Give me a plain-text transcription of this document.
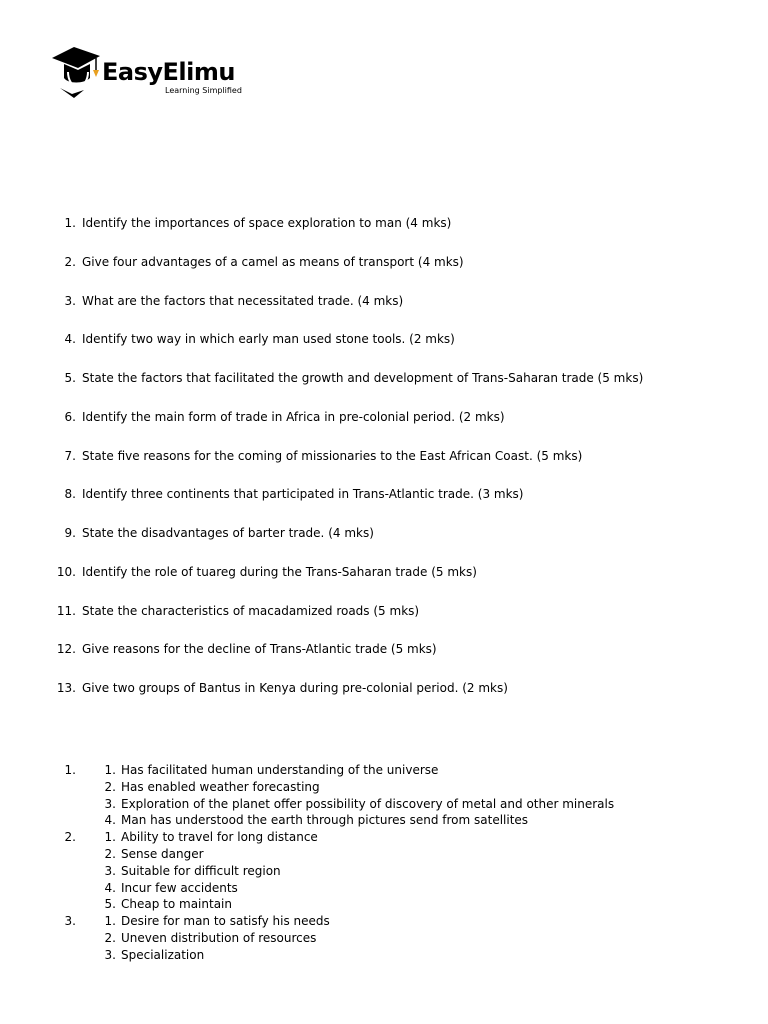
EasyElimu
Learning Simplified
1. Identify the importances of space exploration to man (4 mks)
2. Give four advantages of a camel as means of transport (4 mks)
3. What are the factors that necessitated trade. (4 mks)
4. Identify two way in which early man used stone tools. (2 mks)
5. State the factors that facilitated the growth and development of Trans-Saharan trade (5 mks)
6. Identify the main form of trade in Africa in pre-colonial period. (2 mks)
7. State five reasons for the coming of missionaries to the East African Coast. (5 mks)
8. Identify three continents that participated in Trans-Atlantic trade. (3 mks)
9. State the disadvantages of barter trade. (4 mks)
10. Identify the role of tuareg during the Trans-Saharan trade (5 mks)
11. State the characteristics of macadamized roads (5 mks)
12. Give reasons for the decline of Trans-Atlantic trade (5 mks)
13. Give two groups of Bantus in Kenya during pre-colonial period. (2 mks)
1. 1. Has facilitated human understanding of the universe
2. Has enabled weather forecasting
3. Exploration of the planet offer possibility of discovery of metal and other minerals
4. Man has understood the earth through pictures send from satellites
2. 1. Ability to travel for long distance
2. Sense danger
3. Suitable for difficult region
4. Incur few accidents
5. Cheap to maintain
3. 1. Desire for man to satisfy his needs
2. Uneven distribution of resources
3. Specialization
